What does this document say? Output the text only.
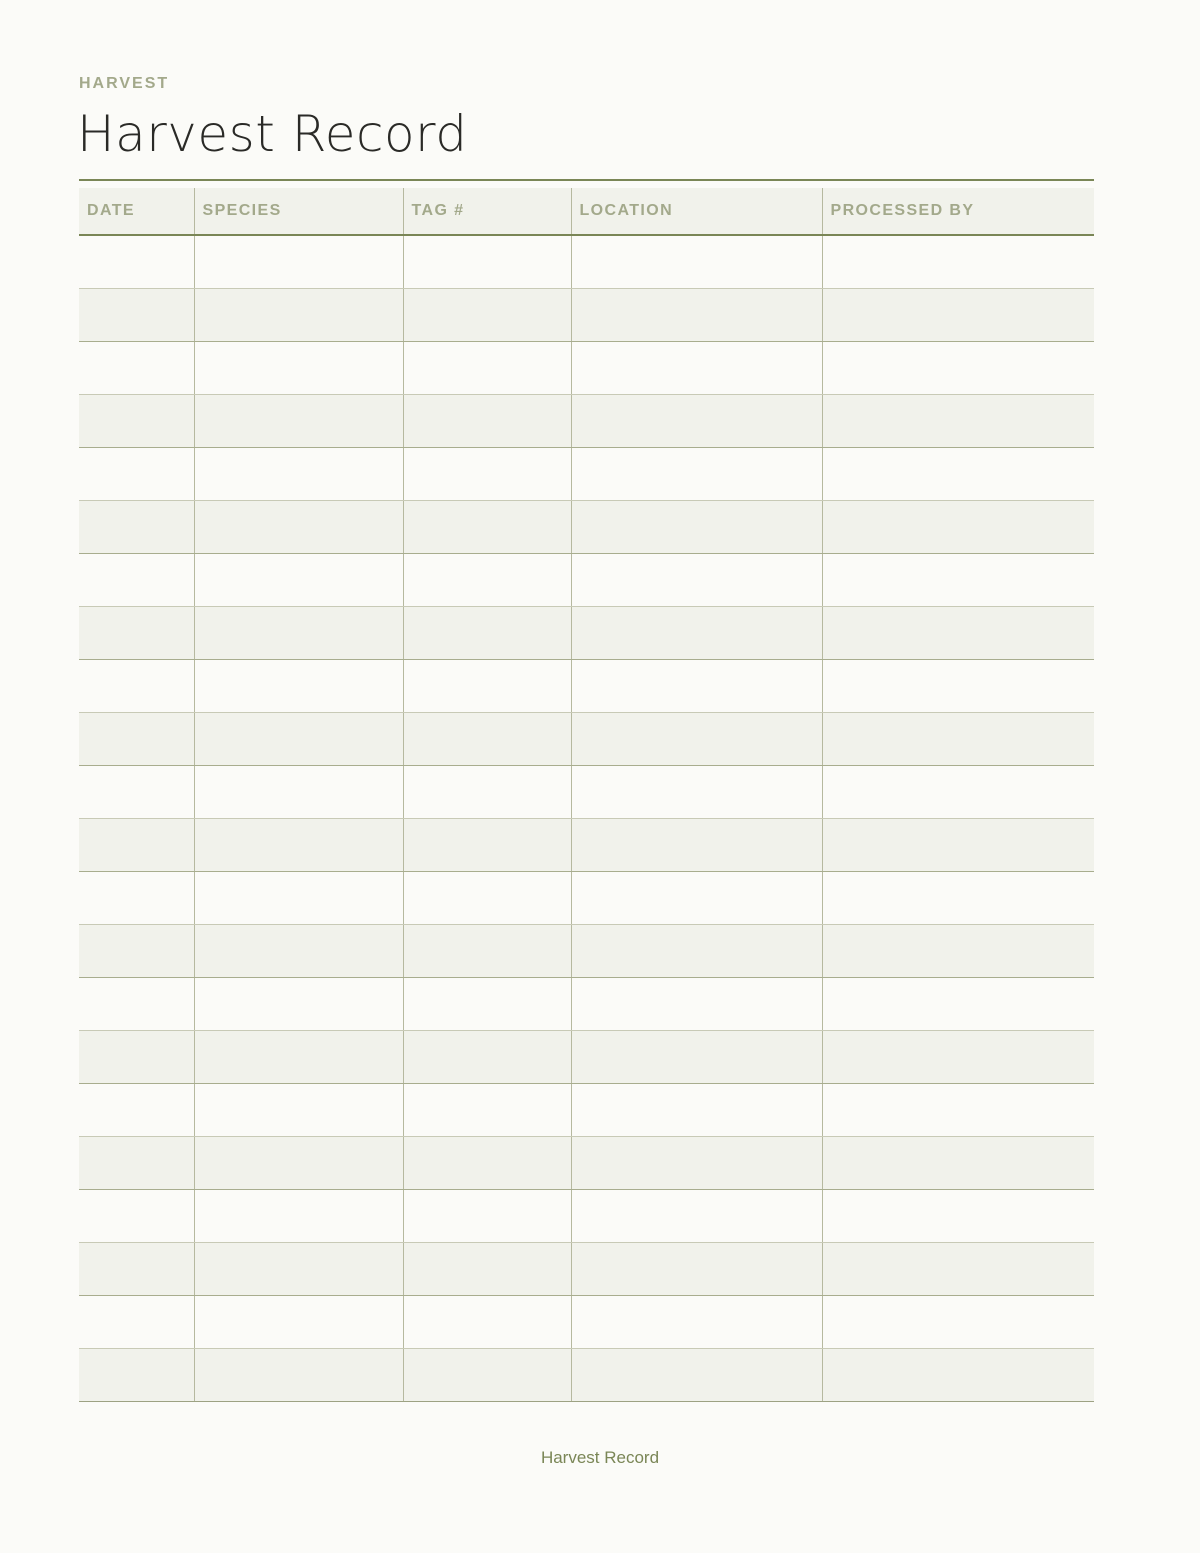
HARVEST

Harvest Record
DATE	SPECIES	TAG #	LOCATION	PROCESSED BY

Harvest Record
